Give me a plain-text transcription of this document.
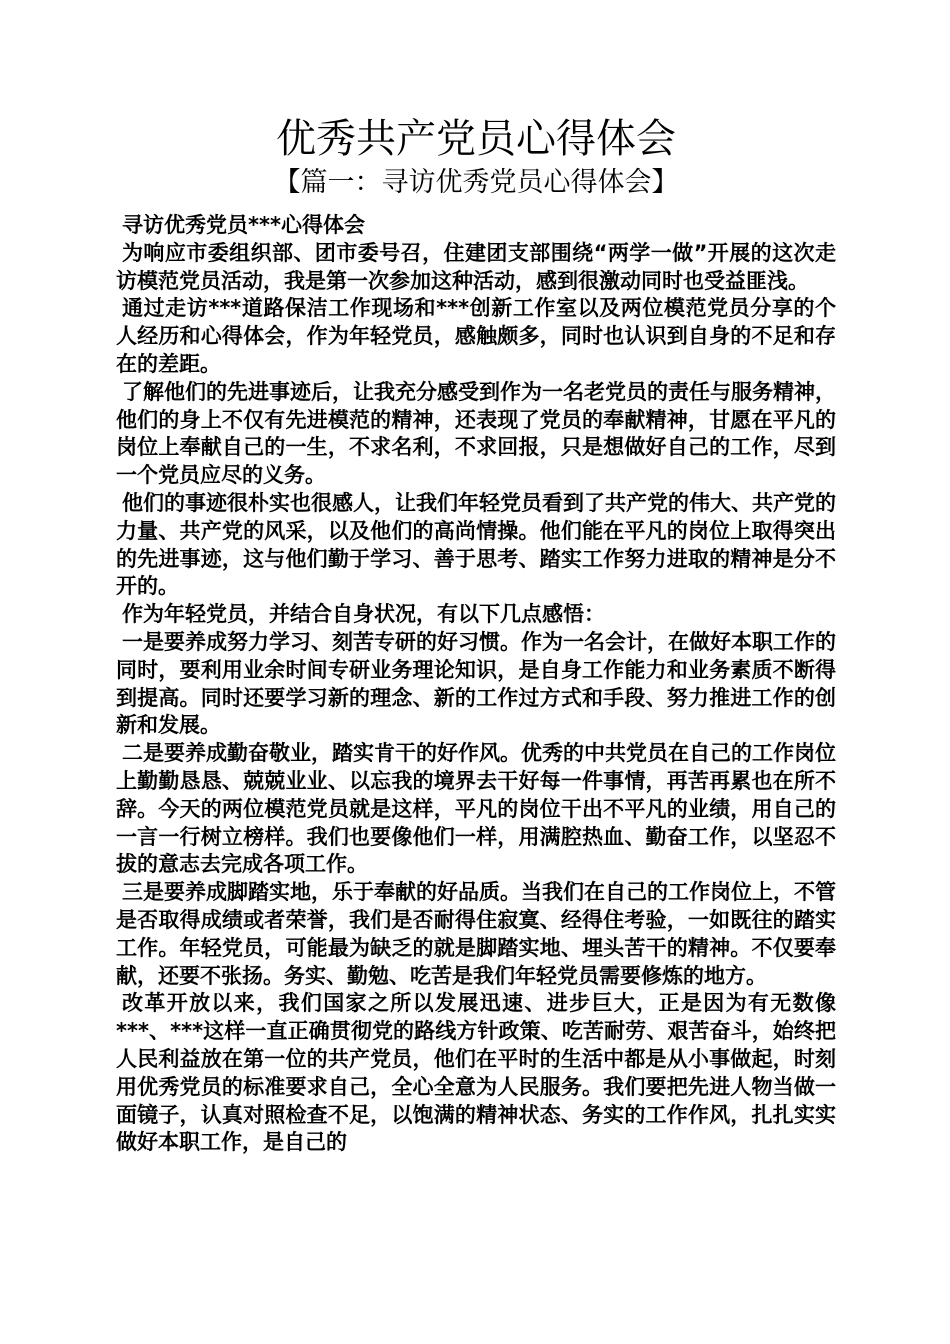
优秀共产党员心得体会
【篇一：寻访优秀党员心得体会】

寻访优秀党员***心得体会

为响应市委组织部、团市委号召，住建团支部围绕“两学一做”开展的这次走访模范党员活动，我是第一次参加这种活动，感到很激动同时也受益匪浅。

通过走访***道路保洁工作现场和***创新工作室以及两位模范党员分享的个人经历和心得体会，作为年轻党员，感触颇多，同时也认识到自身的不足和存在的差距。

了解他们的先进事迹后，让我充分感受到作为一名老党员的责任与服务精神，他们的身上不仅有先进模范的精神，还表现了党员的奉献精神，甘愿在平凡的岗位上奉献自己的一生，不求名利，不求回报，只是想做好自己的工作，尽到一个党员应尽的义务。

他们的事迹很朴实也很感人，让我们年轻党员看到了共产党的伟大、共产党的力量、共产党的风采，以及他们的高尚情操。他们能在平凡的岗位上取得突出的先进事迹，这与他们勤于学习、善于思考、踏实工作努力进取的精神是分不开的。

作为年轻党员，并结合自身状况，有以下几点感悟：

一是要养成努力学习、刻苦专研的好习惯。作为一名会计，在做好本职工作的同时，要利用业余时间专研业务理论知识，是自身工作能力和业务素质不断得到提高。同时还要学习新的理念、新的工作过方式和手段、努力推进工作的创新和发展。

二是要养成勤奋敬业，踏实肯干的好作风。优秀的中共党员在自己的工作岗位上勤勤恳恳、兢兢业业、以忘我的境界去干好每一件事情，再苦再累也在所不辞。今天的两位模范党员就是这样，平凡的岗位干出不平凡的业绩，用自己的一言一行树立榜样。我们也要像他们一样，用满腔热血、勤奋工作，以坚忍不拔的意志去完成各项工作。

三是要养成脚踏实地，乐于奉献的好品质。当我们在自己的工作岗位上，不管是否取得成绩或者荣誉，我们是否耐得住寂寞、经得住考验，一如既往的踏实工作。年轻党员，可能最为缺乏的就是脚踏实地、埋头苦干的精神。不仅要奉献，还要不张扬。务实、勤勉、吃苦是我们年轻党员需要修炼的地方。

改革开放以来，我们国家之所以发展迅速、进步巨大，正是因为有无数像***、***这样一直正确贯彻党的路线方针政策、吃苦耐劳、艰苦奋斗，始终把人民利益放在第一位的共产党员，他们在平时的生活中都是从小事做起，时刻用优秀党员的标准要求自己，全心全意为人民服务。我们要把先进人物当做一面镜子，认真对照检查不足，以饱满的精神状态、务实的工作作风，扎扎实实做好本职工作，是自己的
